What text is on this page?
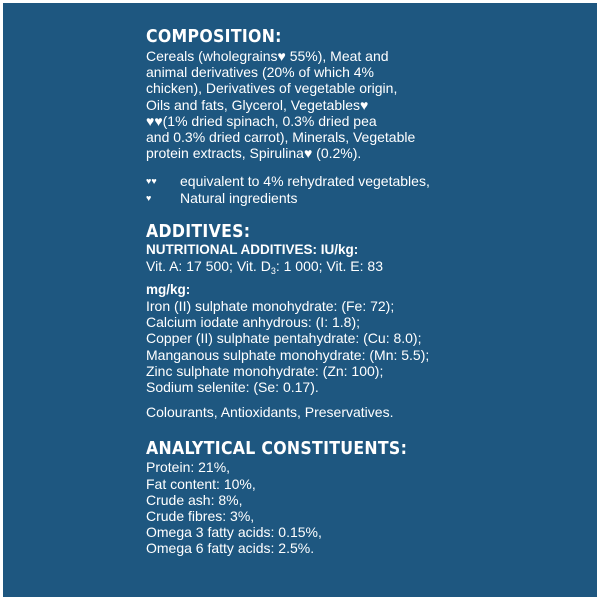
COMPOSITION:

Cereals (wholegrains♥ 55%), Meat and

animal derivatives (20% of which 4%

chicken), Derivatives of vegetable origin,

Oils and fats, Glycerol, Vegetables♥

♥♥(1% dried spinach, 0.3% dried pea

and 0.3% dried carrot), Minerals, Vegetable

protein extracts, Spirulina♥ (0.2%).

♥♥	equivalent to 4% rehydrated vegetables,
♥	Natural ingredients
ADDITIVES:

NUTRITIONAL ADDITIVES: IU/kg:

Vit. A: 17 500; Vit. $D_3$: 1 000; Vit. E: 83

mg/kg:

Iron (II) sulphate monohydrate: (Fe: 72);

Calcium iodate anhydrous: (I: 1.8);

Copper (II) sulphate pentahydrate: (Cu: 8.0);

Manganous sulphate monohydrate: (Mn: 5.5);

Zinc sulphate monohydrate: (Zn: 100);

Sodium selenite: (Se: 0.17).

Colourants, Antioxidants, Preservatives.

ANALYTICAL CONSTITUENTS:

Protein: 21%,

Fat content: 10%,

Crude ash: 8%,

Crude fibres: 3%,

Omega 3 fatty acids: 0.15%,

Omega 6 fatty acids: 2.5%.
